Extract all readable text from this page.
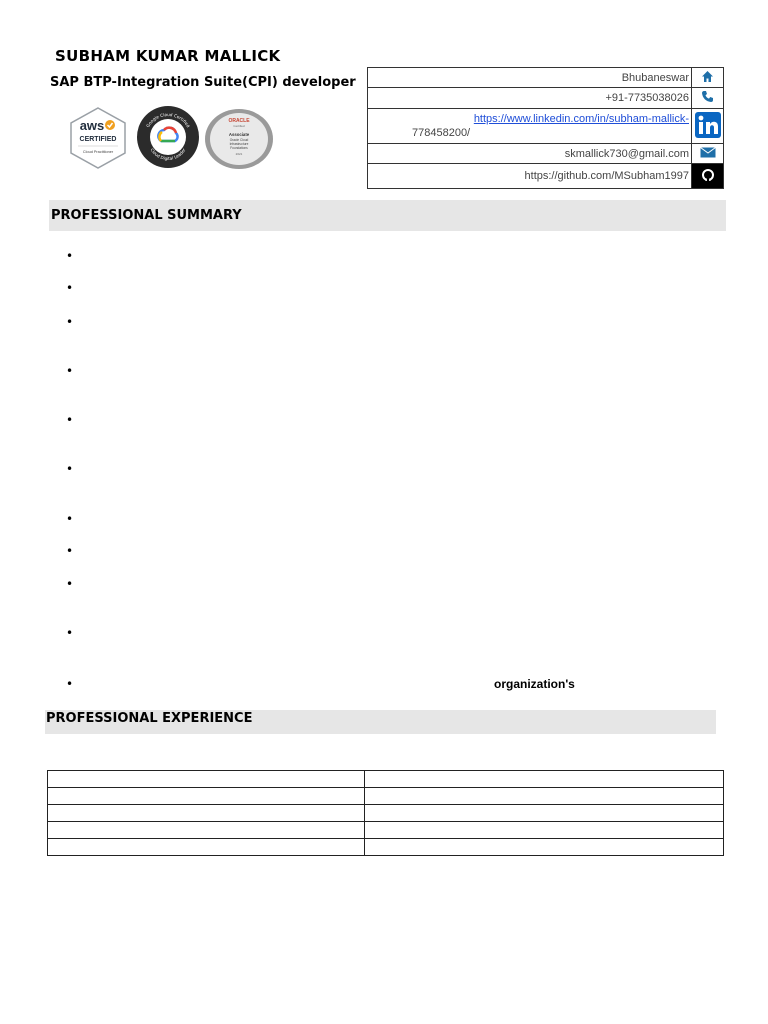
SUBHAM KUMAR MALLICK
SAP BTP-Integration Suite(CPI) developer
aws
CERTIFIED
Cloud Practitioner
Google Cloud Certified
Cloud Digital Leader
ORACLE
Certified
Associate
Oracle Cloud
Infrastructure
Foundations
2021
Bhubaneswar	
+91-7735038026	

https://www.linkedin.com/in/subham-mallick-
778458200/

skmallick730@gmail.com	
https://github.com/MSubham1997	
PROFESSIONAL SUMMARY
•
•
•
•
•
•
•
•
•
•
•	organization's
PROFESSIONAL EXPERIENCE
